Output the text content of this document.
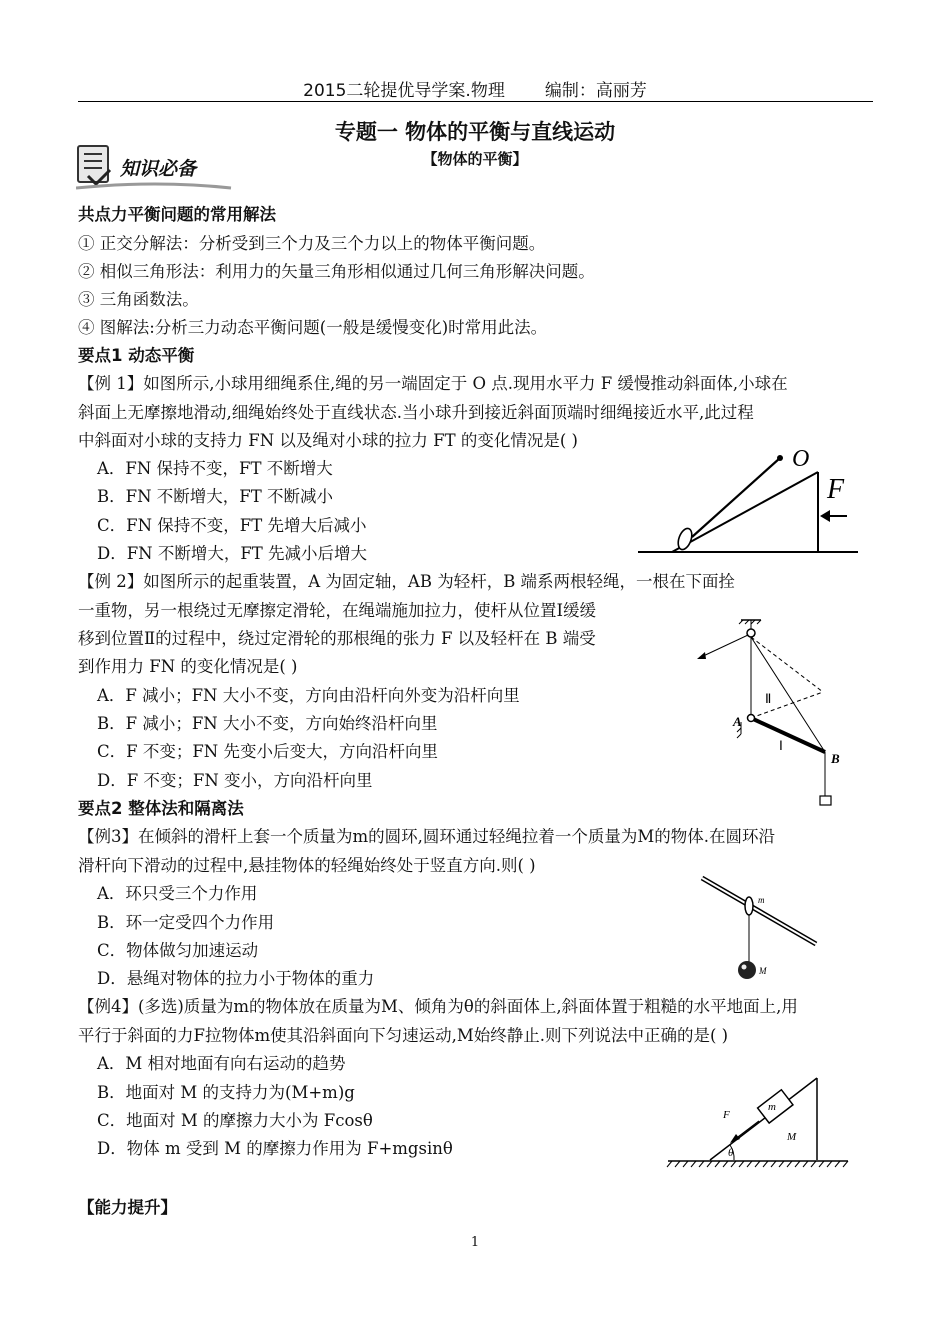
2015二轮提优导学案.物理 编制：高丽芳
专题一 物体的平衡与直线运动
【物体的平衡】
知识必备
共点力平衡问题的常用解法
① 正交分解法：分析受到三个力及三个力以上的物体平衡问题。
② 相似三角形法：利用力的矢量三角形相似通过几何三角形解决问题。
③ 三角函数法。
④ 图解法:分析三力动态平衡问题(一般是缓慢变化)时常用此法。
要点1 动态平衡
【例 1】如图所示,小球用细绳系住,绳的另一端固定于 O 点.现用水平力 F 缓慢推动斜面体,小球在
斜面上无摩擦地滑动,细绳始终处于直线状态.当小球升到接近斜面顶端时细绳接近水平,此过程
中斜面对小球的支持力 FN 以及绳对小球的拉力 FT 的变化情况是( )
A．FN 保持不变，FT 不断增大
B．FN 不断增大，FT 不断减小
C．FN 保持不变，FT 先增大后减小
D．FN 不断增大，FT 先减小后增大
O
F
【例 2】如图所示的起重装置，A 为固定轴，AB 为轻杆，B 端系两根轻绳，一根在下面拴
一重物，另一根绕过无摩擦定滑轮，在绳端施加拉力，使杆从位置Ⅰ缓缓
移到位置Ⅱ的过程中，绕过定滑轮的那根绳的张力 F 以及轻杆在 B 端受
到作用力 FN 的变化情况是( )
A．F 减小；FN 大小不变，方向由沿杆向外变为沿杆向里
B．F 减小；FN 大小不变，方向始终沿杆向里
C．F 不变；FN 先变小后变大，方向沿杆向里
D．F 不变；FN 变小，方向沿杆向里
A
B
Ⅰ
Ⅱ
要点2 整体法和隔离法
【例3】在倾斜的滑杆上套一个质量为m的圆环,圆环通过轻绳拉着一个质量为M的物体.在圆环沿
滑杆向下滑动的过程中,悬挂物体的轻绳始终处于竖直方向.则( )
A．环只受三个力作用
B．环一定受四个力作用
C．物体做匀加速运动
D．悬绳对物体的拉力小于物体的重力
m
M
【例4】(多选)质量为m的物体放在质量为M、倾角为θ的斜面体上,斜面体置于粗糙的水平地面上,用
平行于斜面的力F拉物体m使其沿斜面向下匀速运动,M始终静止.则下列说法中正确的是( )
A．M 相对地面有向右运动的趋势
B．地面对 M 的支持力为(M+m)g
C．地面对 M 的摩擦力大小为 Fcosθ
D．物体 m 受到 M 的摩擦力作用为 F+mgsinθ
F
m
M
θ
【能力提升】
1
